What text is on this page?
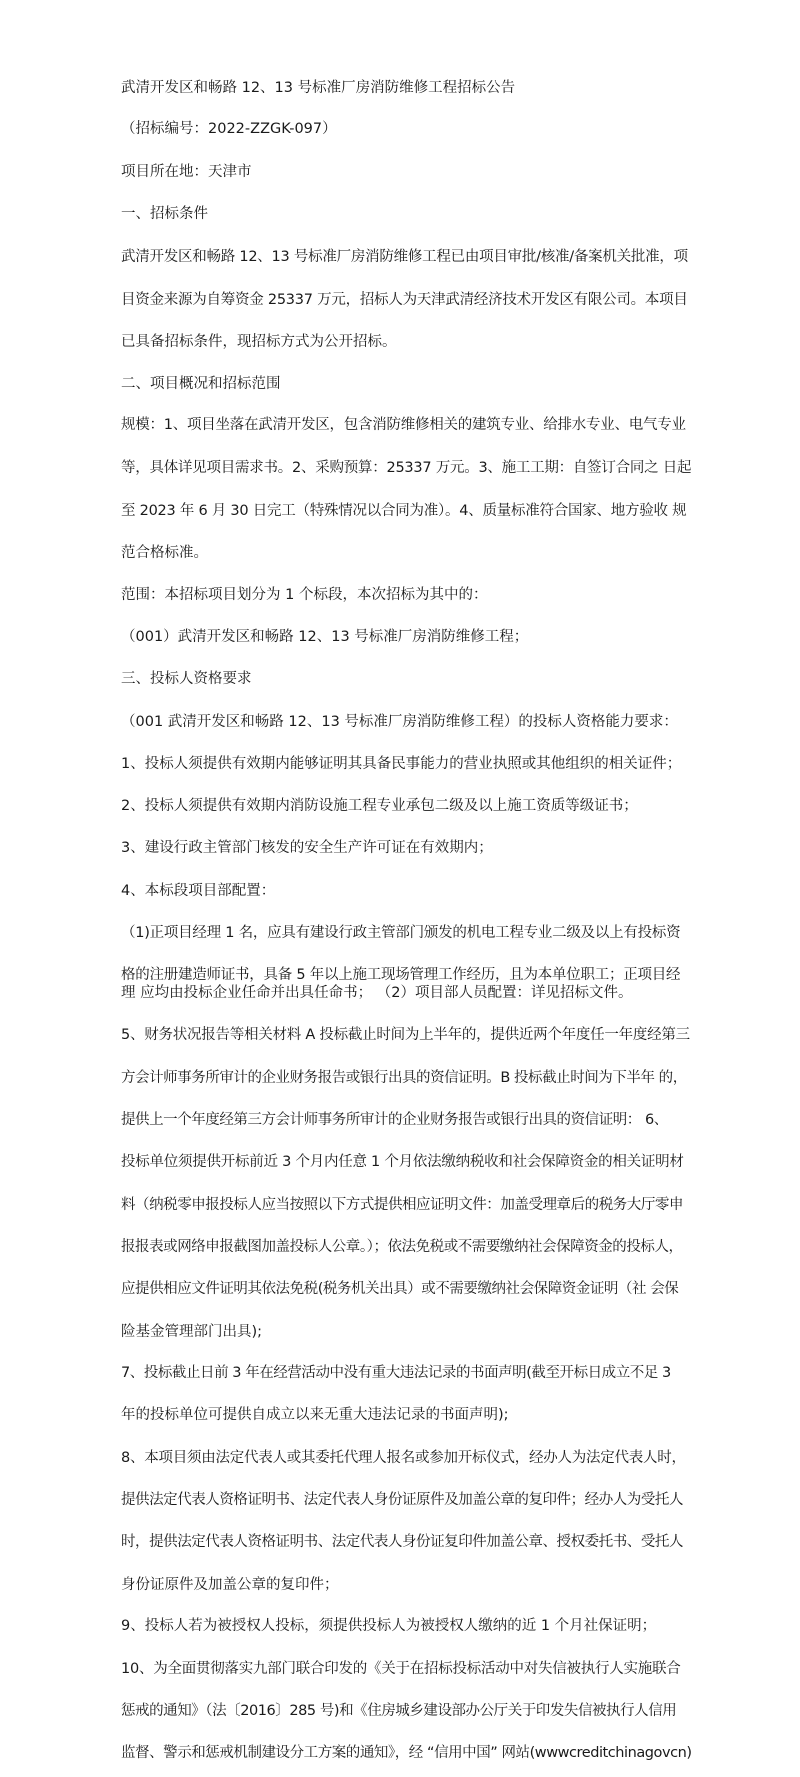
武清开发区和畅路 12、13 号标准厂房消防维修工程招标公告
（招标编号：2022-ZZGK-097）
项目所在地：天津市
一、招标条件
武清开发区和畅路 12、13 号标准厂房消防维修工程已由项目审批/核准/备案机关批准，项
目资金来源为自筹资金 25337 万元，招标人为天津武清经济技术开发区有限公司。本项目
已具备招标条件，现招标方式为公开招标。
二、项目概况和招标范围
规模：1、项目坐落在武清开发区，包含消防维修相关的建筑专业、给排水专业、电气专业
等，具体详见项目需求书。2、采购预算：25337 万元。3、施工工期：自签订合同之 日起
至 2023 年 6 月 30 日完工（特殊情况以合同为准）。4、质量标准符合国家、地方验收 规
范合格标准。
范围：本招标项目划分为 1 个标段，本次招标为其中的：
（001）武清开发区和畅路 12、13 号标准厂房消防维修工程；
三、投标人资格要求
（001 武清开发区和畅路 12、13 号标准厂房消防维修工程）的投标人资格能力要求：
1、投标人须提供有效期内能够证明其具备民事能力的营业执照或其他组织的相关证件；
2、投标人须提供有效期内消防设施工程专业承包二级及以上施工资质等级证书；
3、建设行政主管部门核发的安全生产许可证在有效期内；
4、本标段项目部配置：
（1)正项目经理 1 名，应具有建设行政主管部门颁发的机电工程专业二级及以上有投标资
格的注册建造师证书，具备 5 年以上施工现场管理工作经历，且为本单位职工；正项目经
理 应均由投标企业任命并出具任命书； （2）项目部人员配置：详见招标文件。
5、财务状况报告等相关材料 A 投标截止时间为上半年的，提供近两个年度任一年度经第三
方会计师事务所审计的企业财务报告或银行出具的资信证明。B 投标截止时间为下半年 的，
提供上一个年度经第三方会计师事务所审计的企业财务报告或银行出具的资信证明： 6、
投标单位须提供开标前近 3 个月内任意 1 个月依法缴纳税收和社会保障资金的相关证明材
料（纳税零申报投标人应当按照以下方式提供相应证明文件：加盖受理章后的税务大厅零申
报报表或网络申报截图加盖投标人公章。）；依法免税或不需要缴纳社会保障资金的投标人，
应提供相应文件证明其依法免税(税务机关出具）或不需要缴纳社会保障资金证明（社 会保
险基金管理部门出具);
7、投标截止日前 3 年在经营活动中没有重大违法记录的书面声明(截至开标日成立不足 3
年的投标单位可提供自成立以来无重大违法记录的书面声明);
8、本项目须由法定代表人或其委托代理人报名或参加开标仪式，经办人为法定代表人时，
提供法定代表人资格证明书、法定代表人身份证原件及加盖公章的复印件；经办人为受托人
时，提供法定代表人资格证明书、法定代表人身份证复印件加盖公章、授权委托书、受托人
身份证原件及加盖公章的复印件；
9、投标人若为被授权人投标，须提供投标人为被授权人缴纳的近 1 个月社保证明；
10、为全面贯彻落实九部门联合印发的《关于在招标投标活动中对失信被执行人实施联合
惩戒的通知》（法〔2016〕285 号)和《住房城乡建设部办公厅关于印发失信被执行人信用
监督、警示和惩戒机制建设分工方案的通知》，经 “信用中国” 网站(wwwcreditchinagovcn)
